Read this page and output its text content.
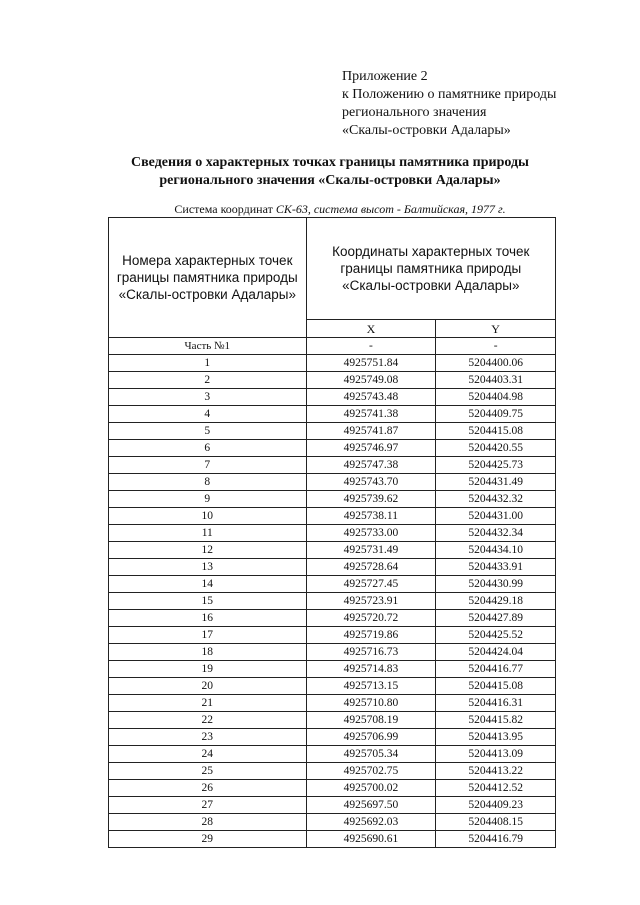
Приложение 2
к Положению о памятнике природы
регионального значения
«Скалы-островки Адалары»
Сведения о характерных точках границы памятника природы
регионального значения «Скалы-островки Адалары»
Система координат СК-63, система высот - Балтийская, 1977 г.
Номера характерных точек границы памятника природы «Скалы-островки Адалары»	Координаты характерных точек границы памятника природы «Скалы-островки Адалары»	
	X	Y
Часть №1	-	-
1	4925751.84	5204400.06
2	4925749.08	5204403.31
3	4925743.48	5204404.98
4	4925741.38	5204409.75
5	4925741.87	5204415.08
6	4925746.97	5204420.55
7	4925747.38	5204425.73
8	4925743.70	5204431.49
9	4925739.62	5204432.32
10	4925738.11	5204431.00
11	4925733.00	5204432.34
12	4925731.49	5204434.10
13	4925728.64	5204433.91
14	4925727.45	5204430.99
15	4925723.91	5204429.18
16	4925720.72	5204427.89
17	4925719.86	5204425.52
18	4925716.73	5204424.04
19	4925714.83	5204416.77
20	4925713.15	5204415.08
21	4925710.80	5204416.31
22	4925708.19	5204415.82
23	4925706.99	5204413.95
24	4925705.34	5204413.09
25	4925702.75	5204413.22
26	4925700.02	5204412.52
27	4925697.50	5204409.23
28	4925692.03	5204408.15
29	4925690.61	5204416.79
